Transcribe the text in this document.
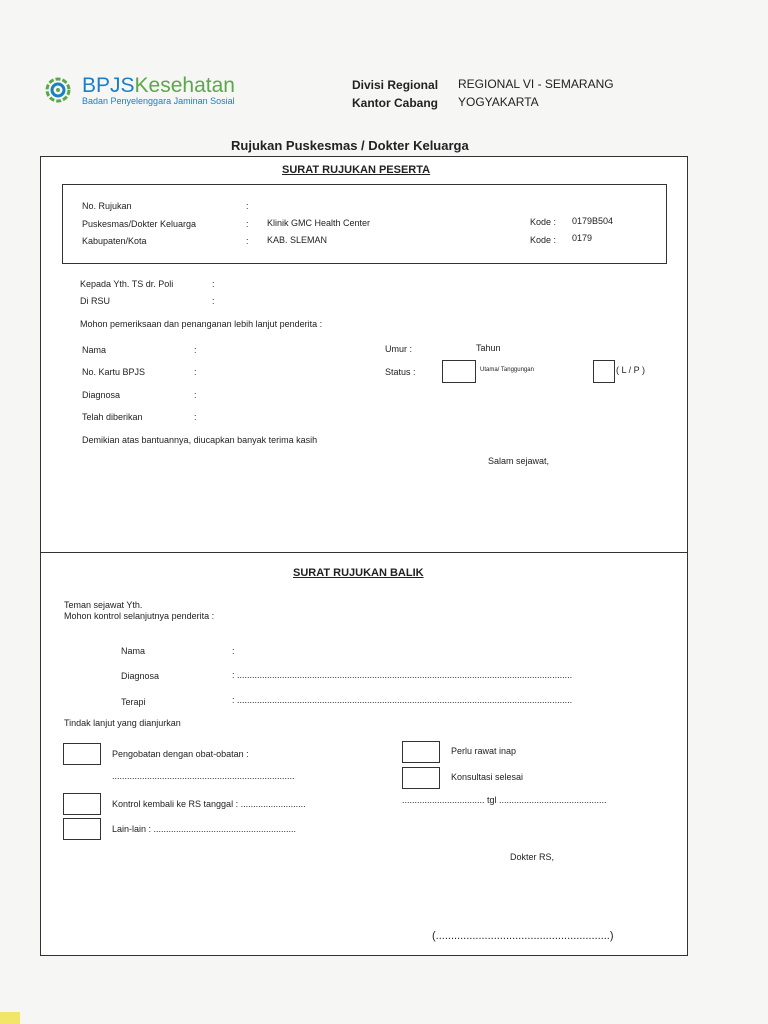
BPJSKesehatan
Badan Penyelenggara Jaminan Sosial
Divisi Regional REGIONAL VI - SEMARANG
Kantor Cabang YOGYAKARTA
Rujukan Puskesmas / Dokter Keluarga
SURAT RUJUKAN PESERTA
No. Rujukan	:
Puskesmas/Dokter Keluarga	: Klinik GMC Health Center
Kabupaten/Kota	: KAB. SLEMAN
Kode : 0179B504
Kode : 0179
Kepada Yth. TS dr. Poli	:
Di RSU	:
Mohon pemeriksaan dan penanganan lebih lanjut penderita :
Nama	:
No. Kartu BPJS	:
Diagnosa	:
Telah diberikan	:
Umur :	Tahun
Status :	Utama/ Tanggungan	( L / P )
Demikian atas bantuannya, diucapkan banyak terima kasih
Salam sejawat,
SURAT RUJUKAN BALIK
Teman sejawat Yth.
Mohon kontrol selanjutnya penderita :
Nama	:
Diagnosa	: ......................................................................................................................................
Terapi	: ......................................................................................................................................
Tindak lanjut yang dianjurkan
Pengobatan dengan obat-obatan :
.........................................................................
Kontrol kembali ke RS tanggal : ..........................
Lain-lain : .........................................................
Perlu rawat inap
Konsultasi selesai
................................. tgl ...........................................
Dokter RS,
(.........................................................)
